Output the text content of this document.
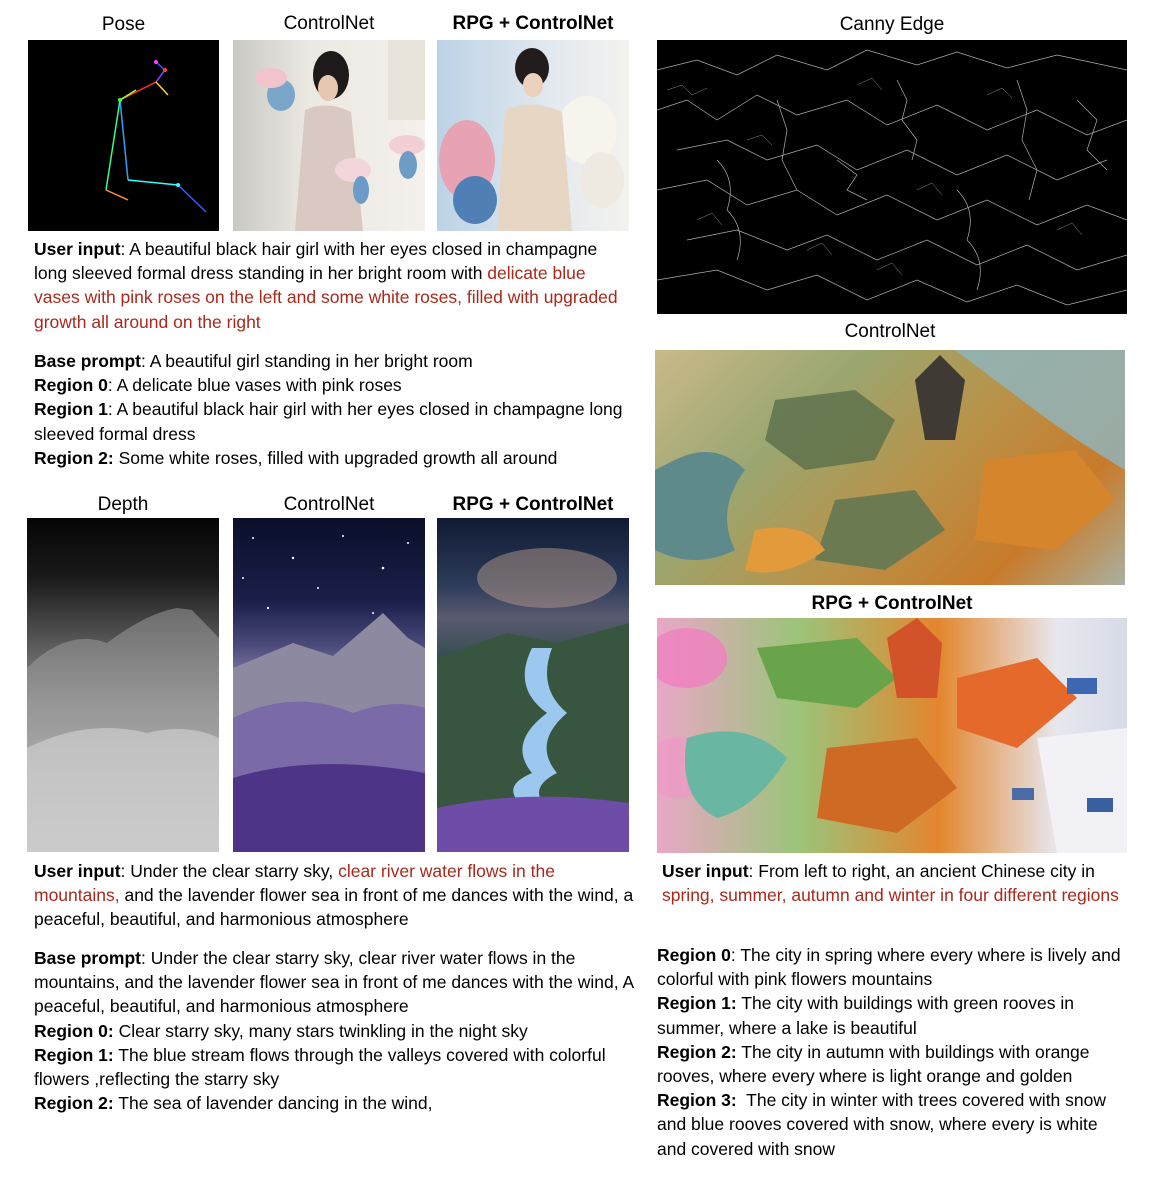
Pose	ControlNet	RPG + ControlNet
User input: A beautiful black hair girl with her eyes closed in champagne long sleeved formal dress standing in her bright room with delicate blue vases with pink roses on the left and some white roses, filled with upgraded growth all around on the right

Base prompt: A beautiful girl standing in her bright room

Region 0: A delicate blue vases with pink roses

Region 1: A beautiful black hair girl with her eyes closed in champagne long sleeved formal dress

Region 2: Some white roses, filled with upgraded growth all around

Depth	ControlNet	RPG + ControlNet
User input: Under the clear starry sky, clear river water flows in the mountains, and the lavender flower sea in front of me dances with the wind, a peaceful, beautiful, and harmonious atmosphere

Base prompt: Under the clear starry sky, clear river water flows in the mountains, and the lavender flower sea in front of me dances with the wind, A peaceful, beautiful, and harmonious atmosphere

Region 0: Clear starry sky, many stars twinkling in the night sky

Region 1: The blue stream flows through the valleys covered with colorful flowers ,reflecting the starry sky

Region 2: The sea of lavender dancing in the wind,

Canny Edge
ControlNet
RPG + ControlNet
User input: From left to right, an ancient Chinese city in spring, summer, autumn and winter in four different regions

Region 0: The city in spring where every where is lively and colorful with pink flowers mountains

Region 1: The city with buildings with green rooves in summer, where a lake is beautiful

Region 2: The city in autumn with buildings with orange rooves, where every where is light orange and golden

Region 3:  The city in winter with trees covered with snow and blue rooves covered with snow, where every is white and covered with snow
